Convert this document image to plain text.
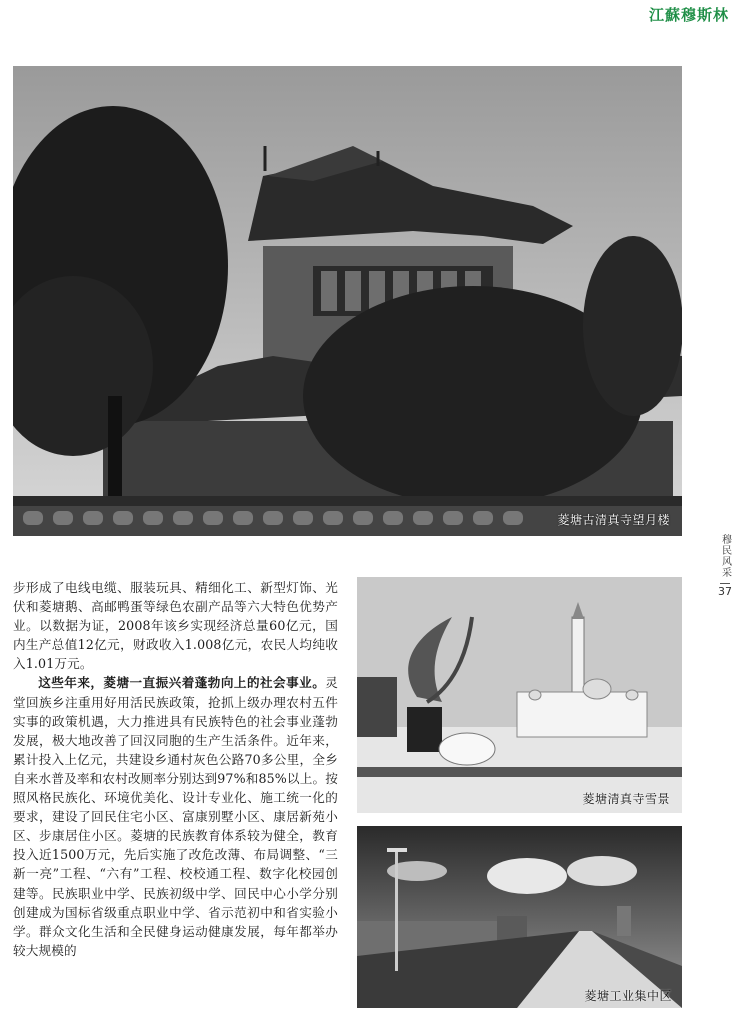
江蘇穆斯林
菱塘古清真寺望月楼
穆民风采
37
菱塘清真寺雪景
菱塘工业集中区

步形成了电线电缆、服装玩具、精细化工、新型灯饰、光伏和菱塘鹅、高邮鸭蛋等绿色农副产品等六大特色优势产业。以数据为证，2008年该乡实现经济总量60亿元，国内生产总值12亿元，财政收入1.008亿元，农民人均纯收入1.01万元。

这些年来，菱塘一直振兴着蓬勃向上的社会事业。灵堂回族乡注重用好用活民族政策，抢抓上级办理农村五件实事的政策机遇，大力推进具有民族特色的社会事业蓬勃发展，极大地改善了回汉同胞的生产生活条件。近年来，累计投入上亿元，共建设乡通村灰色公路70多公里，全乡自来水普及率和农村改厕率分别达到97%和85%以上。按照风格民族化、环境优美化、设计专业化、施工统一化的要求，建设了回民住宅小区、富康别墅小区、康居新苑小区、步康居住小区。菱塘的民族教育体系较为健全，教育投入近1500万元，先后实施了改危改薄、布局调整、“三新一亮”工程、“六有”工程、校校通工程、数字化校园创建等。民族职业中学、民族初级中学、回民中心小学分别创建成为国标省级重点职业中学、省示范初中和省实验小学。群众文化生活和全民健身运动健康发展，每年都举办较大规模的
